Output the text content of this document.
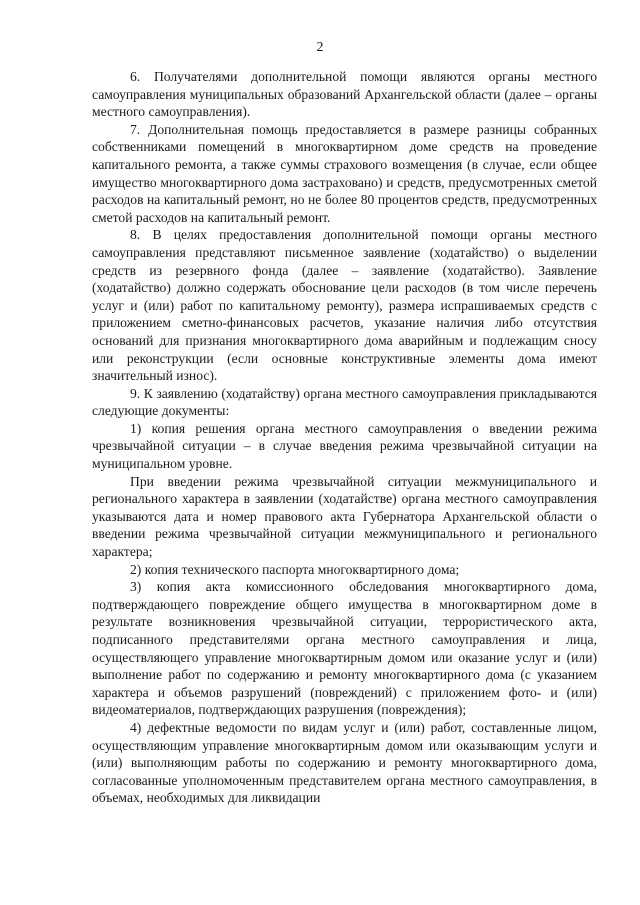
2

6. Получателями дополнительной помощи являются органы местного самоуправления муниципальных образований Архангельской области (далее – органы местного самоуправления).

7. Дополнительная помощь предоставляется в размере разницы собранных собственниками помещений в многоквартирном доме средств на проведение капитального ремонта, а также суммы страхового возмещения (в случае, если общее имущество многоквартирного дома застраховано) и средств, предусмотренных сметой расходов на капитальный ремонт, но не более 80 процентов средств, предусмотренных сметой расходов на капитальный ремонт.

8. В целях предоставления дополнительной помощи органы местного самоуправления представляют письменное заявление (ходатайство) о выделении средств из резервного фонда (далее – заявление (ходатайство). Заявление (ходатайство) должно содержать обоснование цели расходов (в том числе перечень услуг и (или) работ по капитальному ремонту), размера испрашиваемых средств с приложением сметно-финансовых расчетов, указание наличия либо отсутствия оснований для признания многоквартирного дома аварийным и подлежащим сносу или реконструкции (если основные конструктивные элементы дома имеют значительный износ).

9. К заявлению (ходатайству) органа местного самоуправления прикладываются следующие документы:

1) копия решения органа местного самоуправления о введении режима чрезвычайной ситуации – в случае введения режима чрезвычайной ситуации на муниципальном уровне.

При введении режима чрезвычайной ситуации межмуниципального и регионального характера в заявлении (ходатайстве) органа местного самоуправления указываются дата и номер правового акта Губернатора Архангельской области о введении режима чрезвычайной ситуации межмуниципального и регионального характера;

2) копия технического паспорта многоквартирного дома;

3) копия акта комиссионного обследования многоквартирного дома, подтверждающего повреждение общего имущества в многоквартирном доме в результате возникновения чрезвычайной ситуации, террористического акта, подписанного представителями органа местного самоуправления и лица, осуществляющего управление многоквартирным домом или оказание услуг и (или) выполнение работ по содержанию и ремонту многоквартирного дома (с указанием характера и объемов разрушений (повреждений) с приложением фото- и (или) видеоматериалов, подтверждающих разрушения (повреждения);

4) дефектные ведомости по видам услуг и (или) работ, составленные лицом, осуществляющим управление многоквартирным домом или оказывающим услуги и (или) выполняющим работы по содержанию и ремонту многоквартирного дома, согласованные уполномоченным представителем органа местного самоуправления, в объемах, необходимых для ликвидации
